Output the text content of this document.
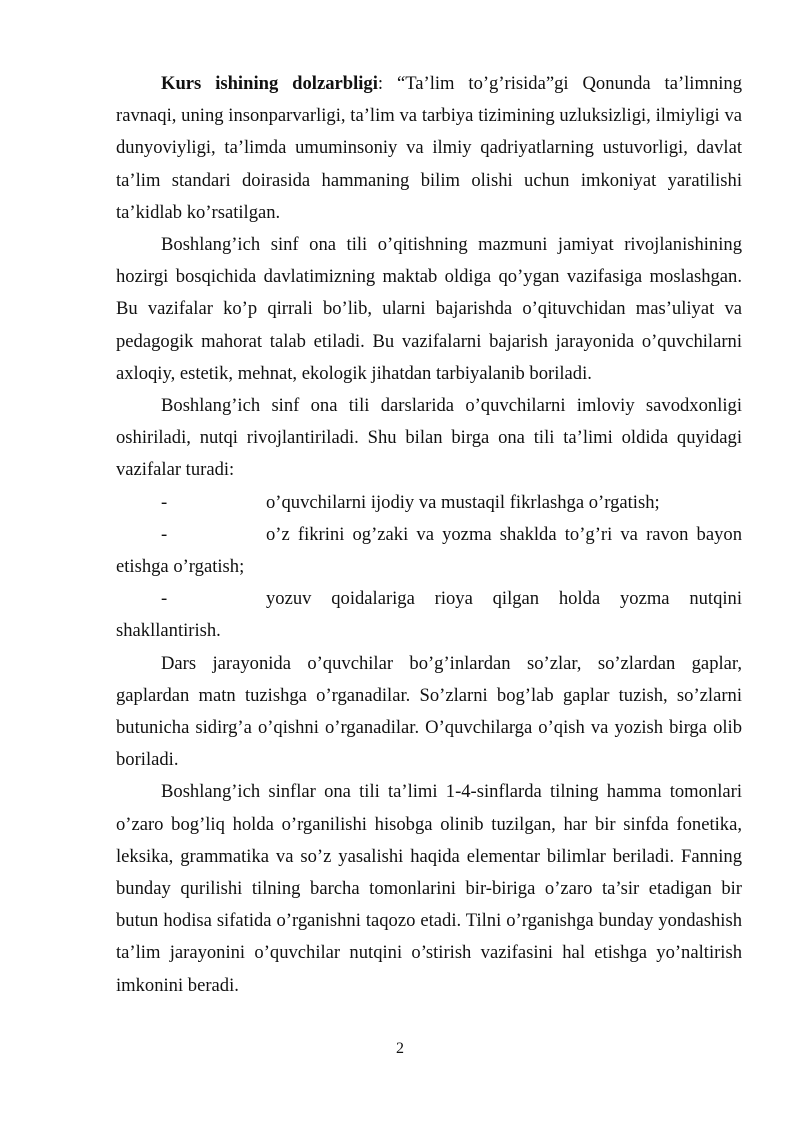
Kurs ishining dolzarbligi: “Ta’lim to’g’risida”gi Qonunda ta’limning ravnaqi, uning insonparvarligi, ta’lim va tarbiya tizimining uzluksizligi, ilmiyligi va dunyoviyligi, ta’limda umuminsoniy va ilmiy qadriyatlarning ustuvorligi, davlat ta’lim standari doirasida hammaning bilim olishi uchun imkoniyat yaratilishi ta’kidlab ko’rsatilgan.

Boshlang’ich sinf ona tili o’qitishning mazmuni jamiyat rivojlanishining hozirgi bosqichida davlatimizning maktab oldiga qo’ygan vazifasiga moslashgan. Bu vazifalar ko’p qirrali bo’lib, ularni bajarishda o’qituvchidan mas’uliyat va pedagogik mahorat talab etiladi. Bu vazifalarni bajarish jarayonida o’quvchilarni axloqiy, estetik, mehnat, ekologik jihatdan tarbiyalanib boriladi.

Boshlang’ich sinf ona tili darslarida o’quvchilarni imloviy savodxonligi oshiriladi, nutqi rivojlantiriladi. Shu bilan birga ona tili ta’limi oldida quyidagi vazifalar turadi:

-	o’quvchilarni ijodiy va mustaqil fikrlashga o’rgatish;

-	o’z fikrini og’zaki va yozma shaklda to’g’ri va ravon bayon etishga o’rgatish;

-	yozuv qoidalariga rioya qilgan holda yozma nutqini shakllantirish.

Dars jarayonida o’quvchilar bo’g’inlardan so’zlar, so’zlardan gaplar, gaplardan matn tuzishga o’rganadilar. So’zlarni bog’lab gaplar tuzish, so’zlarni butunicha sidirg’a o’qishni o’rganadilar. O’quvchilarga o’qish va yozish birga olib boriladi.

Boshlang’ich sinflar ona tili ta’limi 1-4-sinflarda tilning hamma tomonlari o’zaro bog’liq holda o’rganilishi hisobga olinib tuzilgan, har bir sinfda fonetika, leksika, grammatika va so’z yasalishi haqida elementar bilimlar beriladi. Fanning bunday qurilishi tilning barcha tomonlarini bir-biriga o’zaro ta’sir etadigan bir butun hodisa sifatida o’rganishni taqozo etadi. Tilni o’rganishga bunday yondashish ta’lim jarayonini o’quvchilar nutqini o’stirish vazifasini hal etishga yo’naltirish imkonini beradi.

2
